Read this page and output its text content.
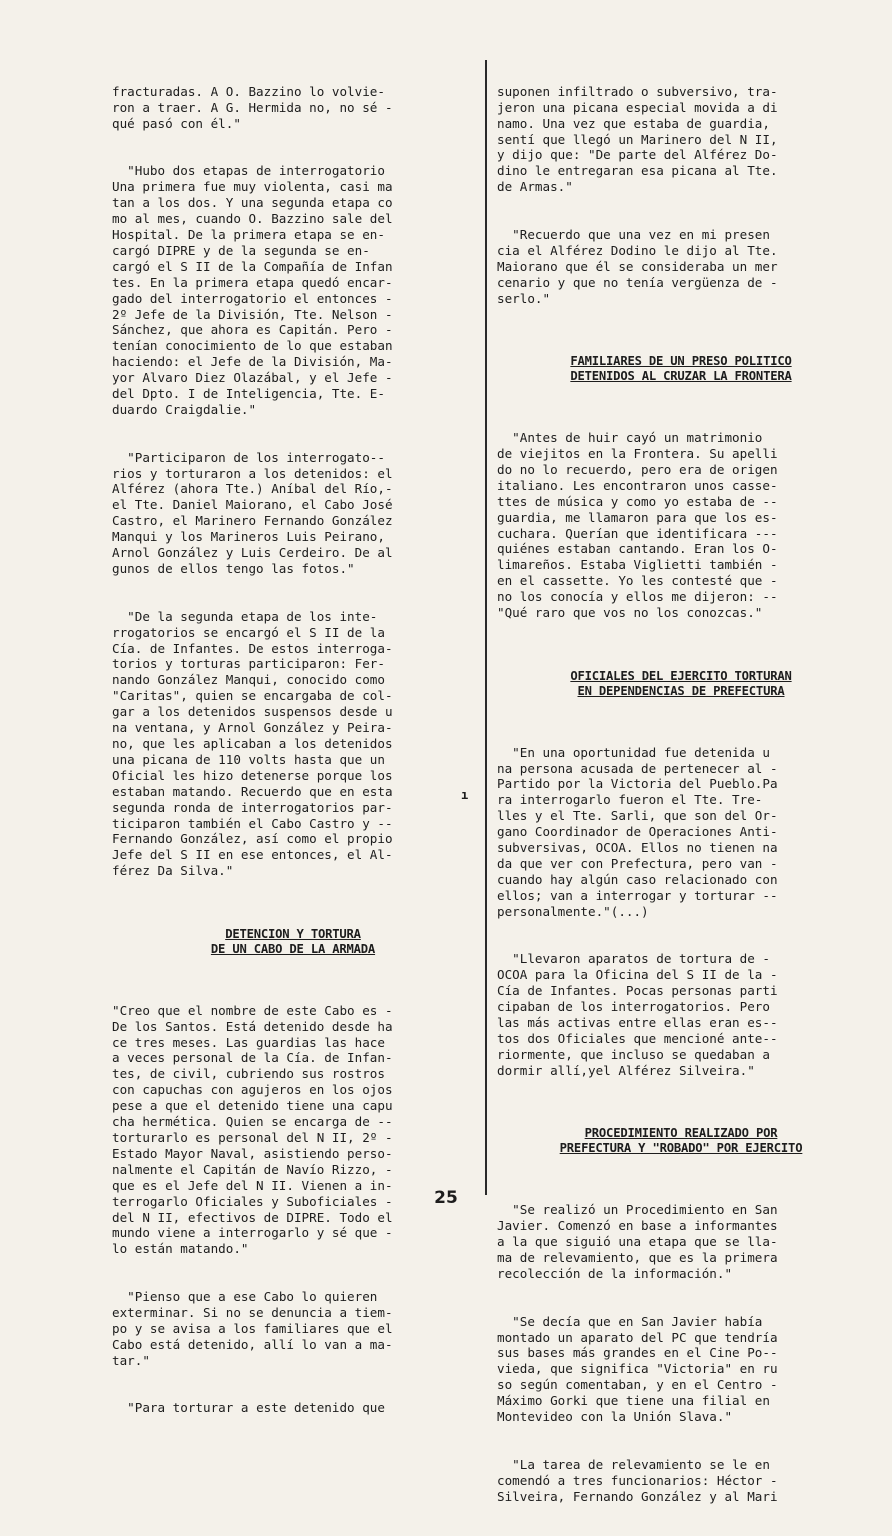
fracturadas. A O. Bazzino lo volvie-
ron a traer. A G. Hermida no, no sé -
qué pasó con él."

"Hubo dos etapas de interrogatorio
Una primera fue muy violenta, casi ma
tan a los dos. Y una segunda etapa co
mo al mes, cuando O. Bazzino sale del
Hospital. De la primera etapa se en-
cargó DIPRE y de la segunda se en-
cargó el S II de la Compañía de Infan
tes. En la primera etapa quedó encar-
gado del interrogatorio el entonces -
2º Jefe de la División, Tte. Nelson -
Sánchez, que ahora es Capitán. Pero -
tenían conocimiento de lo que estaban
haciendo: el Jefe de la División, Ma-
yor Alvaro Diez Olazábal, y el Jefe -
del Dpto. I de Inteligencia, Tte. E-
duardo Craigdalie."

"Participaron de los interrogato--
rios y torturaron a los detenidos: el
Alférez (ahora Tte.) Aníbal del Río,-
el Tte. Daniel Maiorano, el Cabo José
Castro, el Marinero Fernando González
Manqui y los Marineros Luis Peirano,
Arnol González y Luis Cerdeiro. De al
gunos de ellos tengo las fotos."

"De la segunda etapa de los inte-
rrogatorios se encargó el S II de la
Cía. de Infantes. De estos interroga-
torios y torturas participaron: Fer-
nando González Manqui, conocido como
"Caritas", quien se encargaba de col-
gar a los detenidos suspensos desde u
na ventana, y Arnol González y Peira-
no, que les aplicaban a los detenidos
una picana de 110 volts hasta que un
Oficial les hizo detenerse porque los
estaban matando. Recuerdo que en esta
segunda ronda de interrogatorios par-
ticiparon también el Cabo Castro y --
Fernando González, así como el propio
Jefe del S II en ese entonces, el Al-
férez Da Silva."

DETENCION Y TORTURA
DE UN CABO DE LA ARMADA

"Creo que el nombre de este Cabo es -
De los Santos. Está detenido desde ha
ce tres meses. Las guardias las hace
a veces personal de la Cía. de Infan-
tes, de civil, cubriendo sus rostros
con capuchas con agujeros en los ojos
pese a que el detenido tiene una capu
cha hermética. Quien se encarga de --
torturarlo es personal del N II, 2º -
Estado Mayor Naval, asistiendo perso-
nalmente el Capitán de Navío Rizzo, -
que es el Jefe del N II. Vienen a in-
terrogarlo Oficiales y Suboficiales -
del N II, efectivos de DIPRE. Todo el
mundo viene a interrogarlo y sé que -
lo están matando."

"Pienso que a ese Cabo lo quieren
exterminar. Si no se denuncia a tiem-
po y se avisa a los familiares que el
Cabo está detenido, allí lo van a ma-
tar."

"Para torturar a este detenido que

ı

suponen infiltrado o subversivo, tra-
jeron una picana especial movida a di
namo. Una vez que estaba de guardia,
sentí que llegó un Marinero del N II,
y dijo que: "De parte del Alférez Do-
dino le entregaran esa picana al Tte.
de Armas."

"Recuerdo que una vez en mi presen
cia el Alférez Dodino le dijo al Tte.
Maiorano que él se consideraba un mer
cenario y que no tenía vergüenza de -
serlo."

FAMILIARES DE UN PRESO POLITICO
DETENIDOS AL CRUZAR LA FRONTERA

"Antes de huir cayó un matrimonio
de viejitos en la Frontera. Su apelli
do no lo recuerdo, pero era de origen
italiano. Les encontraron unos casse-
ttes de música y como yo estaba de --
guardia, me llamaron para que los es-
cuchara. Querían que identificara ---
quiénes estaban cantando. Eran los O-
limareños. Estaba Viglietti también -
en el cassette. Yo les contesté que -
no los conocía y ellos me dijeron: --
"Qué raro que vos no los conozcas."

OFICIALES DEL EJERCITO TORTURAN
EN DEPENDENCIAS DE PREFECTURA

"En una oportunidad fue detenida u
na persona acusada de pertenecer al -
Partido por la Victoria del Pueblo.Pa
ra interrogarlo fueron el Tte. Tre-
lles y el Tte. Sarli, que son del Or-
gano Coordinador de Operaciones Anti-
subversivas, OCOA. Ellos no tienen na
da que ver con Prefectura, pero van -
cuando hay algún caso relacionado con
ellos; van a interrogar y torturar --
personalmente."(...)

"Llevaron aparatos de tortura de -
OCOA para la Oficina del S II de la -
Cía de Infantes. Pocas personas parti
cipaban de los interrogatorios. Pero
las más activas entre ellas eran es--
tos dos Oficiales que mencioné ante--
riormente, que incluso se quedaban a
dormir allí,yel Alférez Silveira."

PROCEDIMIENTO REALIZADO POR
PREFECTURA Y "ROBADO" POR EJERCITO

"Se realizó un Procedimiento en San
Javier. Comenzó en base a informantes
a la que siguió una etapa que se lla-
ma de relevamiento, que es la primera
recolección de la información."

"Se decía que en San Javier había
montado un aparato del PC que tendría
sus bases más grandes en el Cine Po--
vieda, que significa "Victoria" en ru
so según comentaban, y en el Centro -
Máximo Gorki que tiene una filial en
Montevideo con la Unión Slava."

"La tarea de relevamiento se le en
comendó a tres funcionarios: Héctor -
Silveira, Fernando González y al Mari

25
